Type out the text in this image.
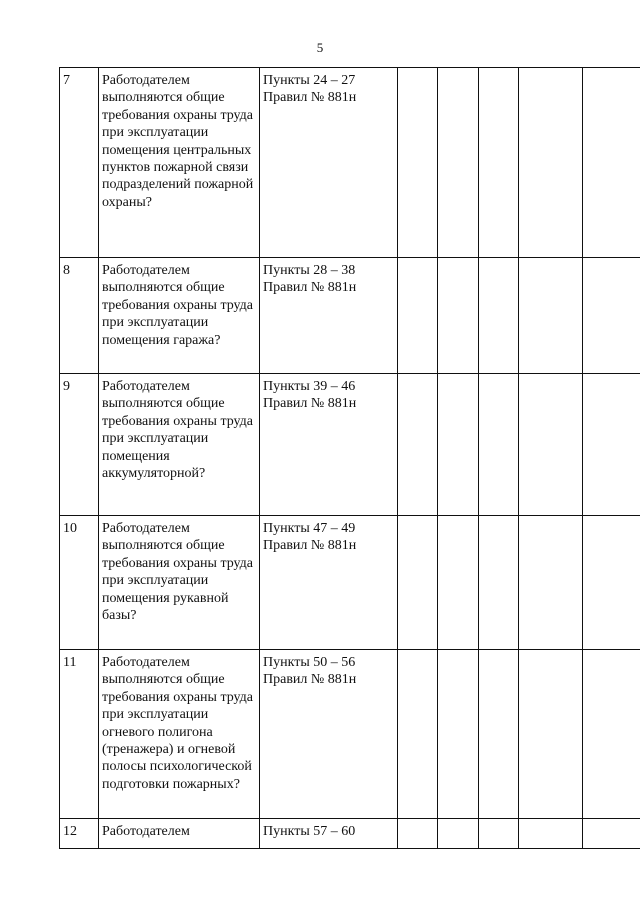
5
7	Работодателем выполняются общие требования охраны труда при эксплуатации помещения центральных пунктов пожарной связи подразделений пожарной охраны?	Пункты 24 – 27
Правил № 881н					

8	Работодателем выполняются общие требования охраны труда при эксплуатации помещения гаража?	Пункты 28 – 38
Правил № 881н					

9	Работодателем выполняются общие требования охраны труда при эксплуатации помещения аккумуляторной?	Пункты 39 – 46
Правил № 881н					

10	Работодателем выполняются общие требования охраны труда при эксплуатации помещения рукавной базы?	Пункты 47 – 49
Правил № 881н					

11	Работодателем выполняются общие требования охраны труда при эксплуатации огневого полигона (тренажера) и огневой полосы психологической подготовки пожарных?	Пункты 50 – 56
Правил № 881н					

12	Работодателем	Пункты 57 – 60					
